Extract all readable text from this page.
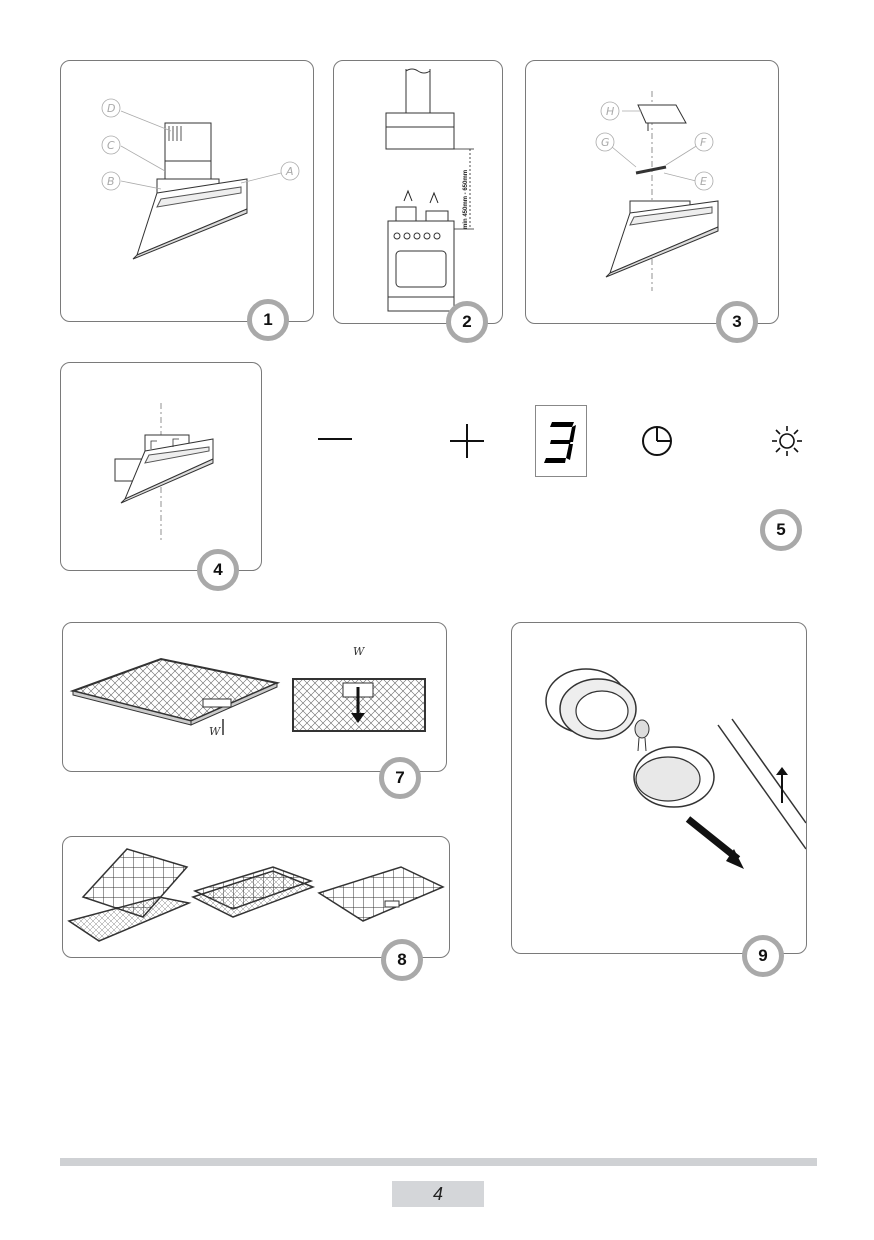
D
C
B
A
1
min 450mm - 650mm
2
H
G	F
E
3
4
5
W
W
7
8	9
4
